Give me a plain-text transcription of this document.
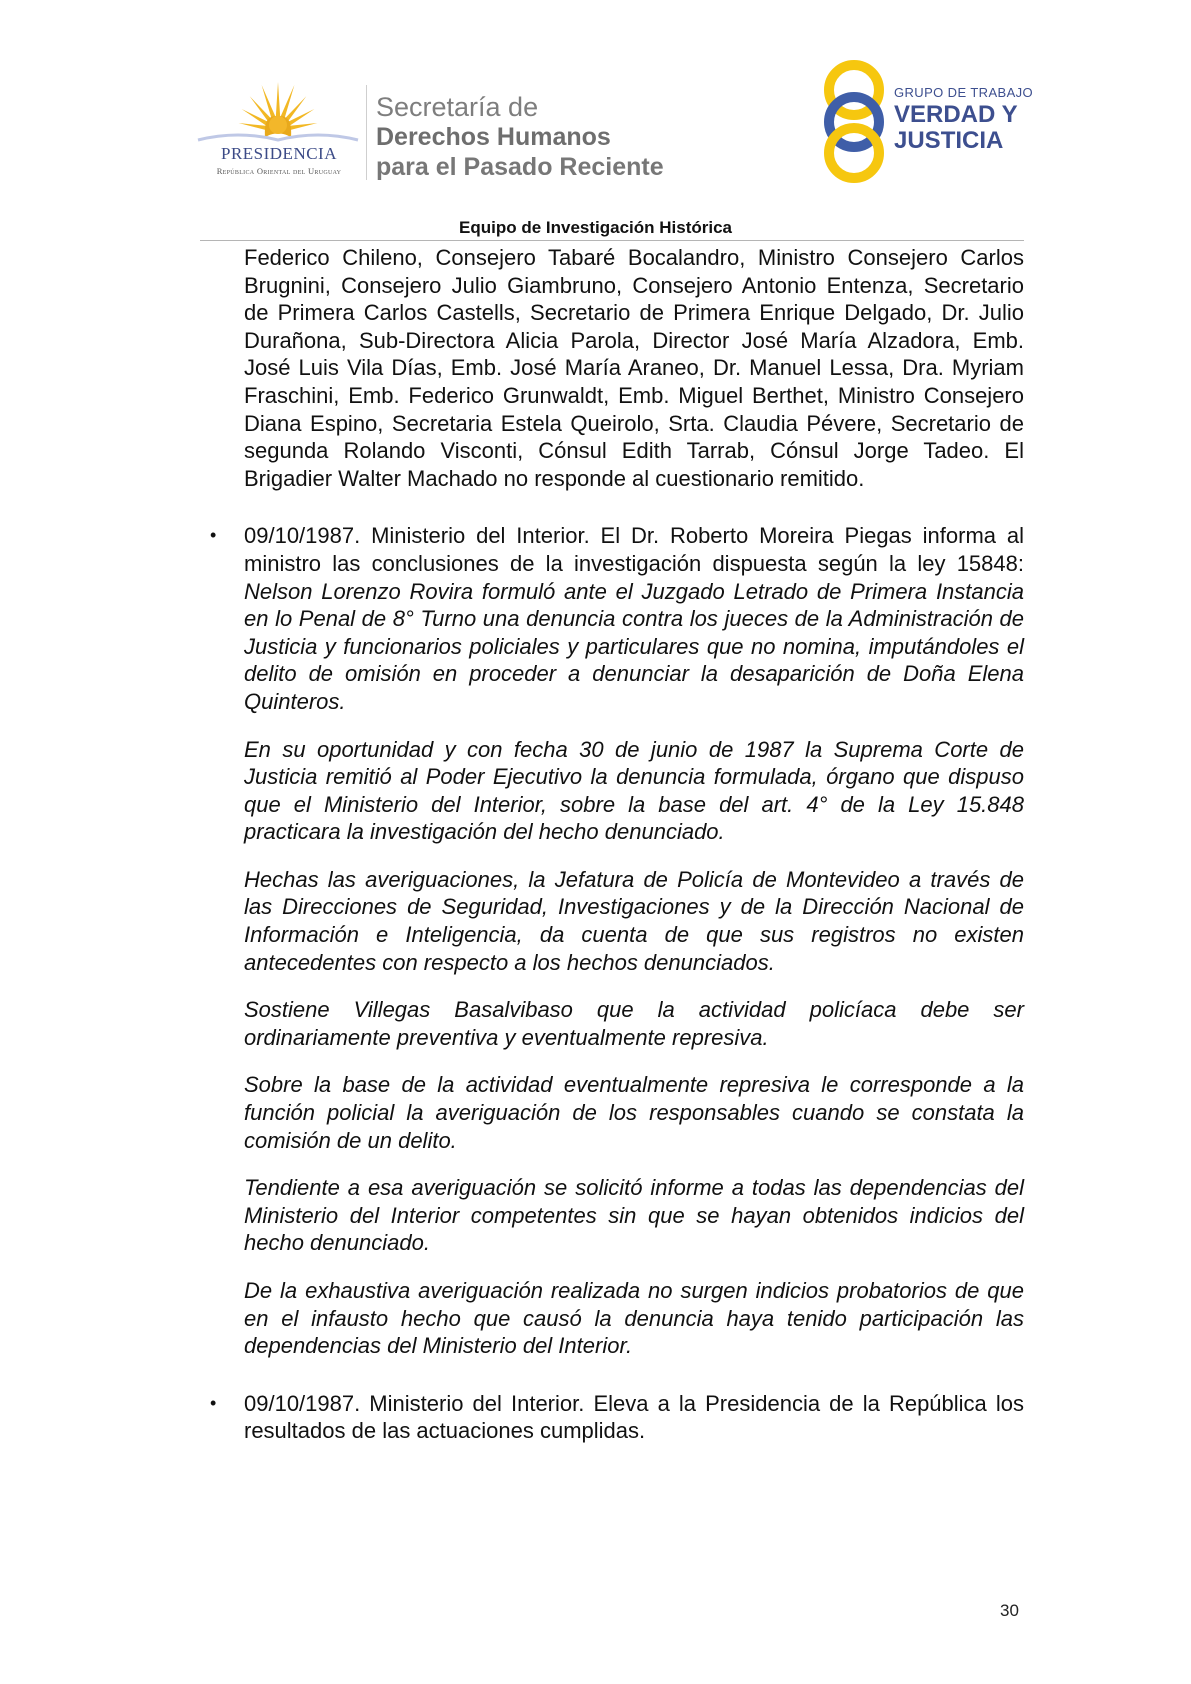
PRESIDENCIA
República Oriental del Uruguay
Secretaría de
Derechos Humanos
para el Pasado Reciente
GRUPO DE TRABAJO
VERDAD Y
JUSTICIA
Equipo de Investigación Histórica

Federico Chileno, Consejero Tabaré Bocalandro, Ministro Consejero Carlos Brugnini, Consejero Julio Giambruno, Consejero Antonio Entenza, Secretario de Primera Carlos Castells, Secretario de Primera Enrique Delgado, Dr. Julio Durañona, Sub-Directora Alicia Parola, Director José María Alzadora, Emb. José Luis Vila Días, Emb. José María Araneo, Dr. Manuel Lessa, Dra. Myriam Fraschini, Emb. Federico Grunwaldt, Emb. Miguel Berthet, Ministro Consejero Diana Espino, Secretaria Estela Queirolo, Srta. Claudia Pévere, Secretario de segunda Rolando Visconti, Cónsul Edith Tarrab, Cónsul Jorge Tadeo. El Brigadier Walter Machado no responde al cuestionario remitido.

• 09/10/1987. Ministerio del Interior. El Dr. Roberto Moreira Piegas informa al ministro las conclusiones de la investigación dispuesta según la ley 15848: Nelson Lorenzo Rovira formuló ante el Juzgado Letrado de Primera Instancia en lo Penal de 8° Turno una denuncia contra los jueces de la Administración de Justicia y funcionarios policiales y particulares que no nomina, imputándoles el delito de omisión en proceder a denunciar la desaparición de Doña Elena Quinteros.

En su oportunidad y con fecha 30 de junio de 1987 la Suprema Corte de Justicia remitió al Poder Ejecutivo la denuncia formulada, órgano que dispuso que el Ministerio del Interior, sobre la base del art. 4° de la Ley 15.848 practicara la investigación del hecho denunciado.

Hechas las averiguaciones, la Jefatura de Policía de Montevideo a través de las Direcciones de Seguridad, Investigaciones y de la Dirección Nacional de Información e Inteligencia, da cuenta de que sus registros no existen antecedentes con respecto a los hechos denunciados.

Sostiene Villegas Basalvibaso que la actividad policíaca debe ser ordinariamente preventiva y eventualmente represiva.

Sobre la base de la actividad eventualmente represiva le corresponde a la función policial la averiguación de los responsables cuando se constata la comisión de un delito.

Tendiente a esa averiguación se solicitó informe a todas las dependencias del Ministerio del Interior competentes sin que se hayan obtenidos indicios del hecho denunciado.

De la exhaustiva averiguación realizada no surgen indicios probatorios de que en el infausto hecho que causó la denuncia haya tenido participación las dependencias del Ministerio del Interior.

• 09/10/1987. Ministerio del Interior. Eleva a la Presidencia de la República los resultados de las actuaciones cumplidas.

30
